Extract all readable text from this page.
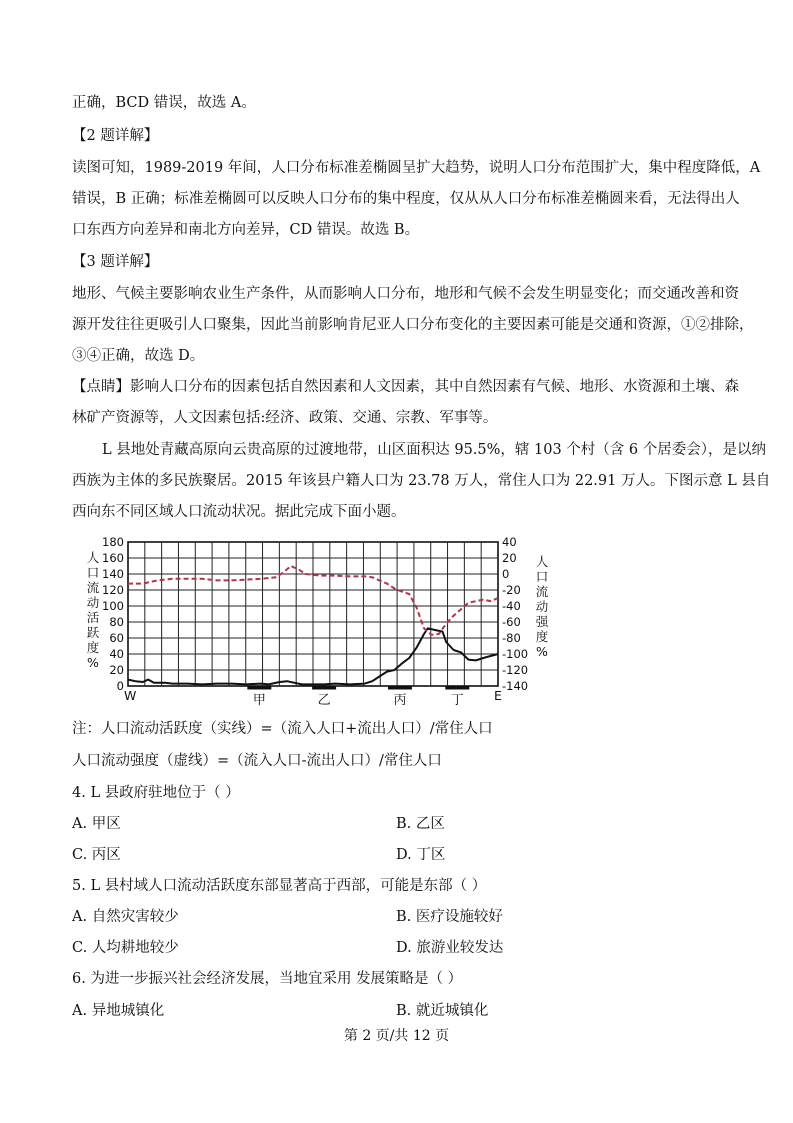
正确，BCD 错误，故选 A。
【2 题详解】
读图可知，1989-2019 年间，人口分布标准差椭圆呈扩大趋势，说明人口分布范围扩大，集中程度降低，A
错误，B 正确；标准差椭圆可以反映人口分布的集中程度，仅从从人口分布标准差椭圆来看，无法得出人
口东西方向差异和南北方向差异，CD 错误。故选 B。
【3 题详解】
地形、气候主要影响农业生产条件，从而影响人口分布，地形和气候不会发生明显变化；而交通改善和资
源开发往往更吸引人口聚集，因此当前影响肯尼亚人口分布变化的主要因素可能是交通和资源，①②排除，
③④正确，故选 D。
【点睛】影响人口分布的因素包括自然因素和人文因素，其中自然因素有气候、地形、水资源和土壤、森
林矿产资源等，人文因素包括:经济、政策、交通、宗教、军事等。
L 县地处青藏高原向云贵高原的过渡地带，山区面积达 95.5%，辖 103 个村（含 6 个居委会），是以纳
西族为主体的多民族聚居。2015 年该县户籍人口为 23.78 万人，常住人口为 22.91 万人。下图示意 L 县自
西向东不同区域人口流动状况。据此完成下面小题。
180
160
140
120
100
80
60
40
20
0
40
20
0
-20
-40
-60
-80
-100
-120
-140
人
口
流
动
活
跃
度
%
人
口
流
动
强
度
%
W	E
甲	乙	丙	丁
注：人口流动活跃度（实线）=（流入人口+流出人口）/常住人口
人口流动强度（虚线）=（流入人口-流出人口）/常住人口
4. L 县政府驻地位于（ ）
A. 甲区	B. 乙区
C. 丙区	D. 丁区
5. L 县村域人口流动活跃度东部显著高于西部，可能是东部（ ）
A. 自然灾害较少	B. 医疗设施较好
C. 人均耕地较少	D. 旅游业较发达
6. 为进一步振兴社会经济发展，当地宜采用 发展策略是（ ）
A. 异地城镇化	B. 就近城镇化
第 2 页/共 12 页
